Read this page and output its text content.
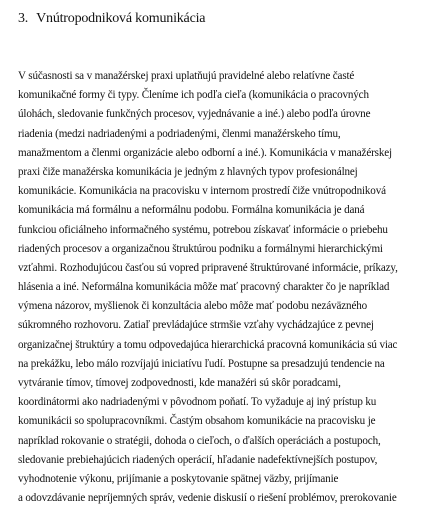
3. Vnútropodniková komunikácia
V súčasnosti sa v manažérskej praxi uplatňujú pravidelné alebo relatívne časté
komunikačné formy či typy. Členíme ich podľa cieľa (komunikácia o pracovných
úlohách, sledovanie funkčných procesov, vyjednávanie a iné.) alebo podľa úrovne
riadenia (medzi nadriadenými a podriadenými, členmi manažérskeho tímu,
manažmentom a členmi organizácie alebo odborní a iné.). Komunikácia v manažérskej
praxi čiže manažérska komunikácia je jedným z hlavných typov profesionálnej
komunikácie. Komunikácia na pracovisku v internom prostredí čiže vnútropodniková
komunikácia má formálnu a neformálnu podobu. Formálna komunikácia je daná
funkciou oficiálneho informačného systému, potrebou získavať informácie o priebehu
riadených procesov a organizačnou štruktúrou podniku a formálnymi hierarchickými
vzťahmi. Rozhodujúcou časťou sú vopred pripravené štruktúrované informácie, príkazy,
hlásenia a iné. Neformálna komunikácia môže mať pracovný charakter čo je napríklad
výmena názorov, myšlienok či konzultácia alebo môže mať podobu nezáväzného
súkromného rozhovoru. Zatiaľ prevládajúce strmšie vzťahy vychádzajúce z pevnej
organizačnej štruktúry a tomu odpovedajúca hierarchická pracovná komunikácia sú viac
na prekážku, lebo málo rozvíjajú iniciatívu ľudí. Postupne sa presadzujú tendencie na
vytváranie tímov, tímovej zodpovednosti, kde manažéri sú skôr poradcami,
koordinátormi ako nadriadenými v pôvodnom poňatí. To vyžaduje aj iný prístup ku
komunikácii so spolupracovníkmi. Častým obsahom komunikácie na pracovisku je
napríklad rokovanie o stratégii, dohoda o cieľoch, o ďalších operáciách a postupoch,
sledovanie prebiehajúcich riadených operácií, hľadanie nadefektívnejších postupov,
vyhodnotenie výkonu, prijímanie a poskytovanie spätnej väzby, prijímanie
a odovzdávanie nepríjemných správ, vedenie diskusií o riešení problémov, prerokovanie
